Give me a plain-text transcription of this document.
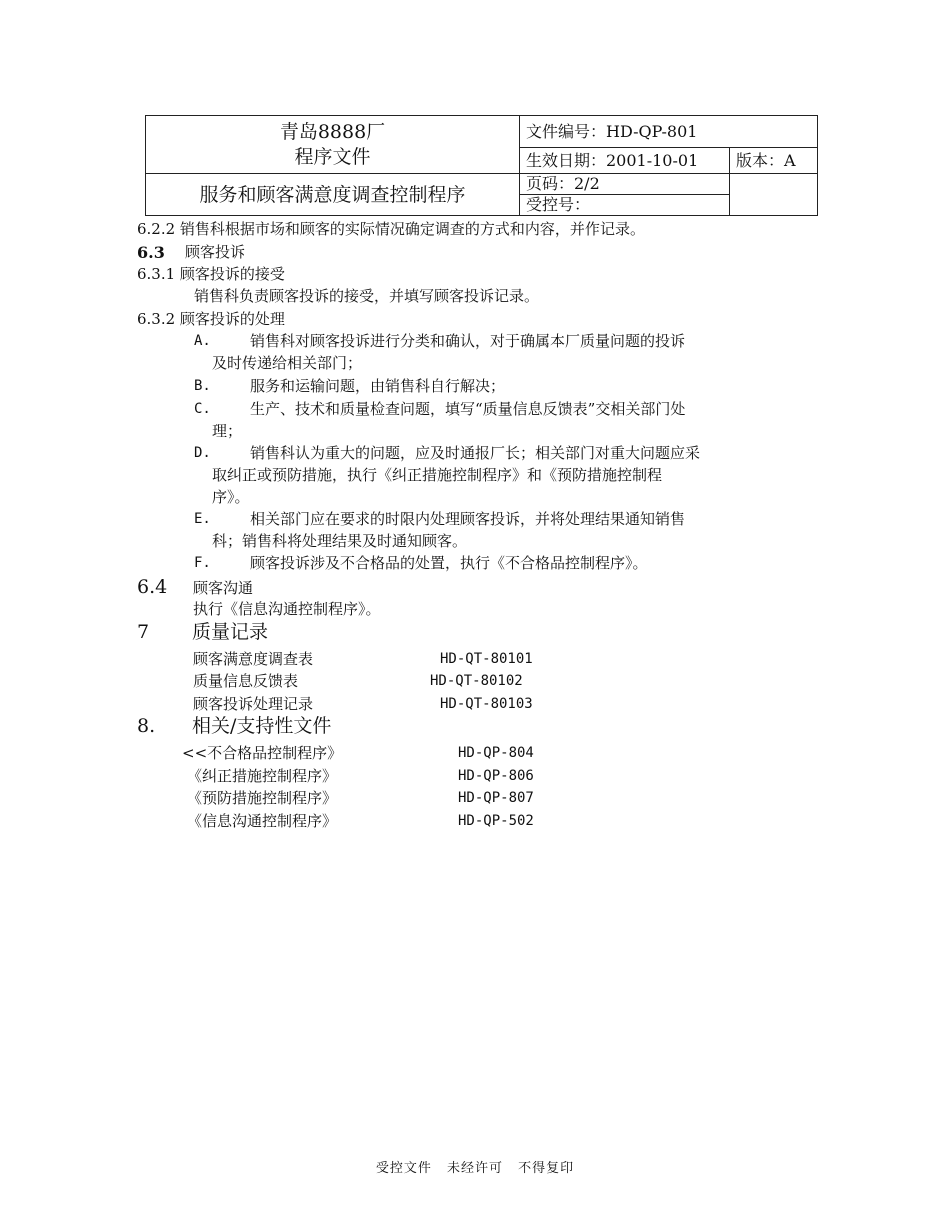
青岛8888厂
程序文件	文件编号：HD-QP-801	
	生效日期：2001-10-01	版本：A
服务和顾客满意度调查控制程序	页码：2/2	
	受控号：	
6.2.2 销售科根据市场和顾客的实际情况确定调查的方式和内容，并作记录。
6.3 顾客投诉
6.3.1 顾客投诉的接受
销售科负责顾客投诉的接受，并填写顾客投诉记录。
6.3.2 顾客投诉的处理
A.	销售科对顾客投诉进行分类和确认，对于确属本厂质量问题的投诉
及时传递给相关部门；
B.	服务和运输问题，由销售科自行解决；
C.	生产、技术和质量检查问题，填写“质量信息反馈表”交相关部门处
理；
D.	销售科认为重大的问题，应及时通报厂长；相关部门对重大问题应采
取纠正或预防措施，执行《纠正措施控制程序》和《预防措施控制程
序》。
E.	相关部门应在要求的时限内处理顾客投诉，并将处理结果通知销售
科；销售科将处理结果及时通知顾客。
F.	顾客投诉涉及不合格品的处置，执行《不合格品控制程序》。
6.4 顾客沟通
执行《信息沟通控制程序》。
7 质量记录
顾客满意度调查表	HD-QT-80101
质量信息反馈表	HD-QT-80102
顾客投诉处理记录	HD-QT-80103
8. 相关/支持性文件
<<不合格品控制程序》	HD-QP-804
《纠正措施控制程序》	HD-QP-806
《预防措施控制程序》	HD-QP-807
《信息沟通控制程序》	HD-QP-502
受控文件 未经许可 不得复印
